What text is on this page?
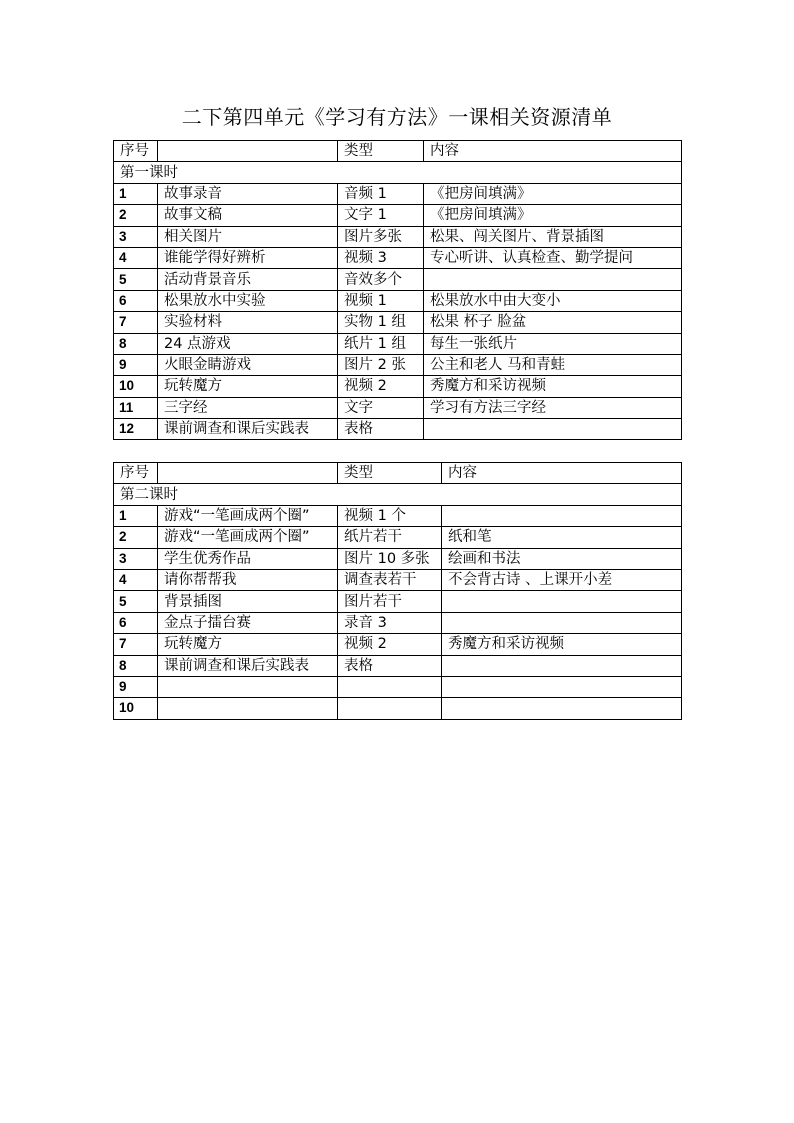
二下第四单元《学习有方法》一课相关资源清单
序号		类型	内容
第一课时			
1	故事录音	音频 1	《把房间填满》
2	故事文稿	文字 1	《把房间填满》
3	相关图片	图片多张	松果、闯关图片、背景插图
4	谁能学得好辨析	视频 3	专心听讲、认真检查、勤学提问
5	活动背景音乐	音效多个	
6	松果放水中实验	视频 1	松果放水中由大变小
7	实验材料	实物 1 组	松果 杯子 脸盆
8	24 点游戏	纸片 1 组	每生一张纸片
9	火眼金睛游戏	图片 2 张	公主和老人 马和青蛙
10	玩转魔方	视频 2	秀魔方和采访视频
11	三字经	文字	学习有方法三字经
12	课前调查和课后实践表	表格	
序号		类型	内容
第二课时			
1	游戏“一笔画成两个圈”	视频 1 个	
2	游戏“一笔画成两个圈”	纸片若干	纸和笔
3	学生优秀作品	图片 10 多张	绘画和书法
4	请你帮帮我	调查表若干	不会背古诗 、上课开小差
5	背景插图	图片若干	
6	金点子擂台赛	录音 3	
7	玩转魔方	视频 2	秀魔方和采访视频
8	课前调查和课后实践表	表格	
9			
10			
